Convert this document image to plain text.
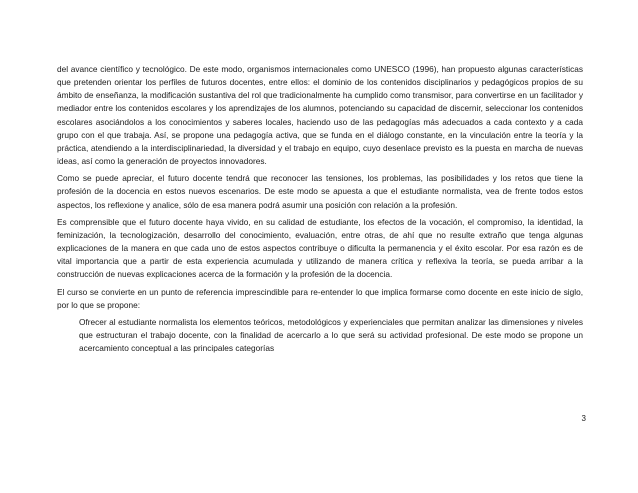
del avance científico y tecnológico. De este modo, organismos internacionales como UNESCO (1996), han propuesto algunas características que pretenden orientar los perfiles de futuros docentes, entre ellos: el dominio de los contenidos disciplinarios y pedagógicos propios de su ámbito de enseñanza, la modificación sustantiva del rol que tradicionalmente ha cumplido como transmisor, para convertirse en un facilitador y mediador entre los contenidos escolares y los aprendizajes de los alumnos, potenciando su capacidad de discernir, seleccionar los contenidos escolares asociándolos a los conocimientos y saberes locales, haciendo uso de las pedagogías más adecuados a cada contexto y a cada grupo con el que trabaja. Así, se propone una pedagogía activa, que se funda en el diálogo constante, en la vinculación entre la teoría y la práctica, atendiendo a la interdisciplinariedad, la diversidad y el trabajo en equipo, cuyo desenlace previsto es la puesta en marcha de nuevas ideas, así como la generación de proyectos innovadores.

Como se puede apreciar, el futuro docente tendrá que reconocer las tensiones, los problemas, las posibilidades y los retos que tiene la profesión de la docencia en estos nuevos escenarios. De este modo se apuesta a que el estudiante normalista, vea de frente todos estos aspectos, los reflexione y analice, sólo de esa manera podrá asumir una posición con relación a la profesión.

Es comprensible que el futuro docente haya vivido, en su calidad de estudiante, los efectos de la vocación, el compromiso, la identidad, la feminización, la tecnologización, desarrollo del conocimiento, evaluación, entre otras, de ahí que no resulte extraño que tenga algunas explicaciones de la manera en que cada uno de estos aspectos contribuye o dificulta la permanencia y el éxito escolar. Por esa razón es de vital importancia que a partir de esta experiencia acumulada y utilizando de manera crítica y reflexiva la teoría, se pueda arribar a la construcción de nuevas explicaciones acerca de la formación y la profesión de la docencia.

El curso se convierte en un punto de referencia imprescindible para re-entender lo que implica formarse como docente en este inicio de siglo, por lo que se propone:

Ofrecer al estudiante normalista los elementos teóricos, metodológicos y experienciales que permitan analizar las dimensiones y niveles que estructuran el trabajo docente, con la finalidad de acercarlo a lo que será su actividad profesional. De este modo se propone un acercamiento conceptual a las principales categorías

3
